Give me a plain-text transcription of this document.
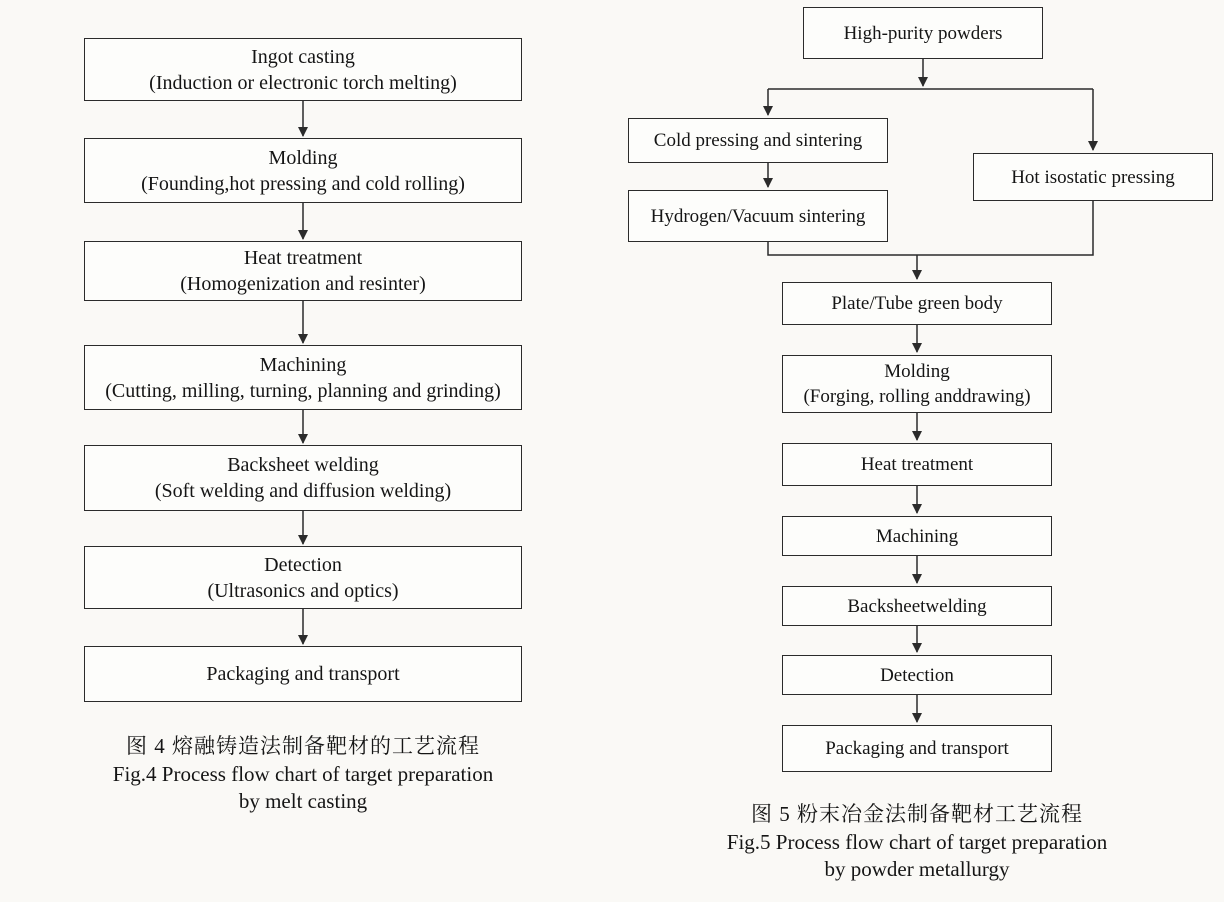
Ingot casting
(Induction or electronic torch melting)
Molding
(Founding,hot pressing and cold rolling)
Heat treatment
(Homogenization and resinter)
Machining
(Cutting, milling, turning, planning and grinding)
Backsheet welding
(Soft welding and diffusion welding)
Detection
(Ultrasonics and optics)
Packaging and transport
图 4 熔融铸造法制备靶材的工艺流程
Fig.4 Process flow chart of target preparation
by melt casting
High-purity powders
Cold pressing and sintering
Hydrogen/Vacuum sintering
Hot isostatic pressing
Plate/Tube green body
Molding
(Forging, rolling anddrawing)
Heat treatment
Machining
Backsheetwelding
Detection
Packaging and transport
图 5 粉末冶金法制备靶材工艺流程
Fig.5 Process flow chart of target preparation
by powder metallurgy
